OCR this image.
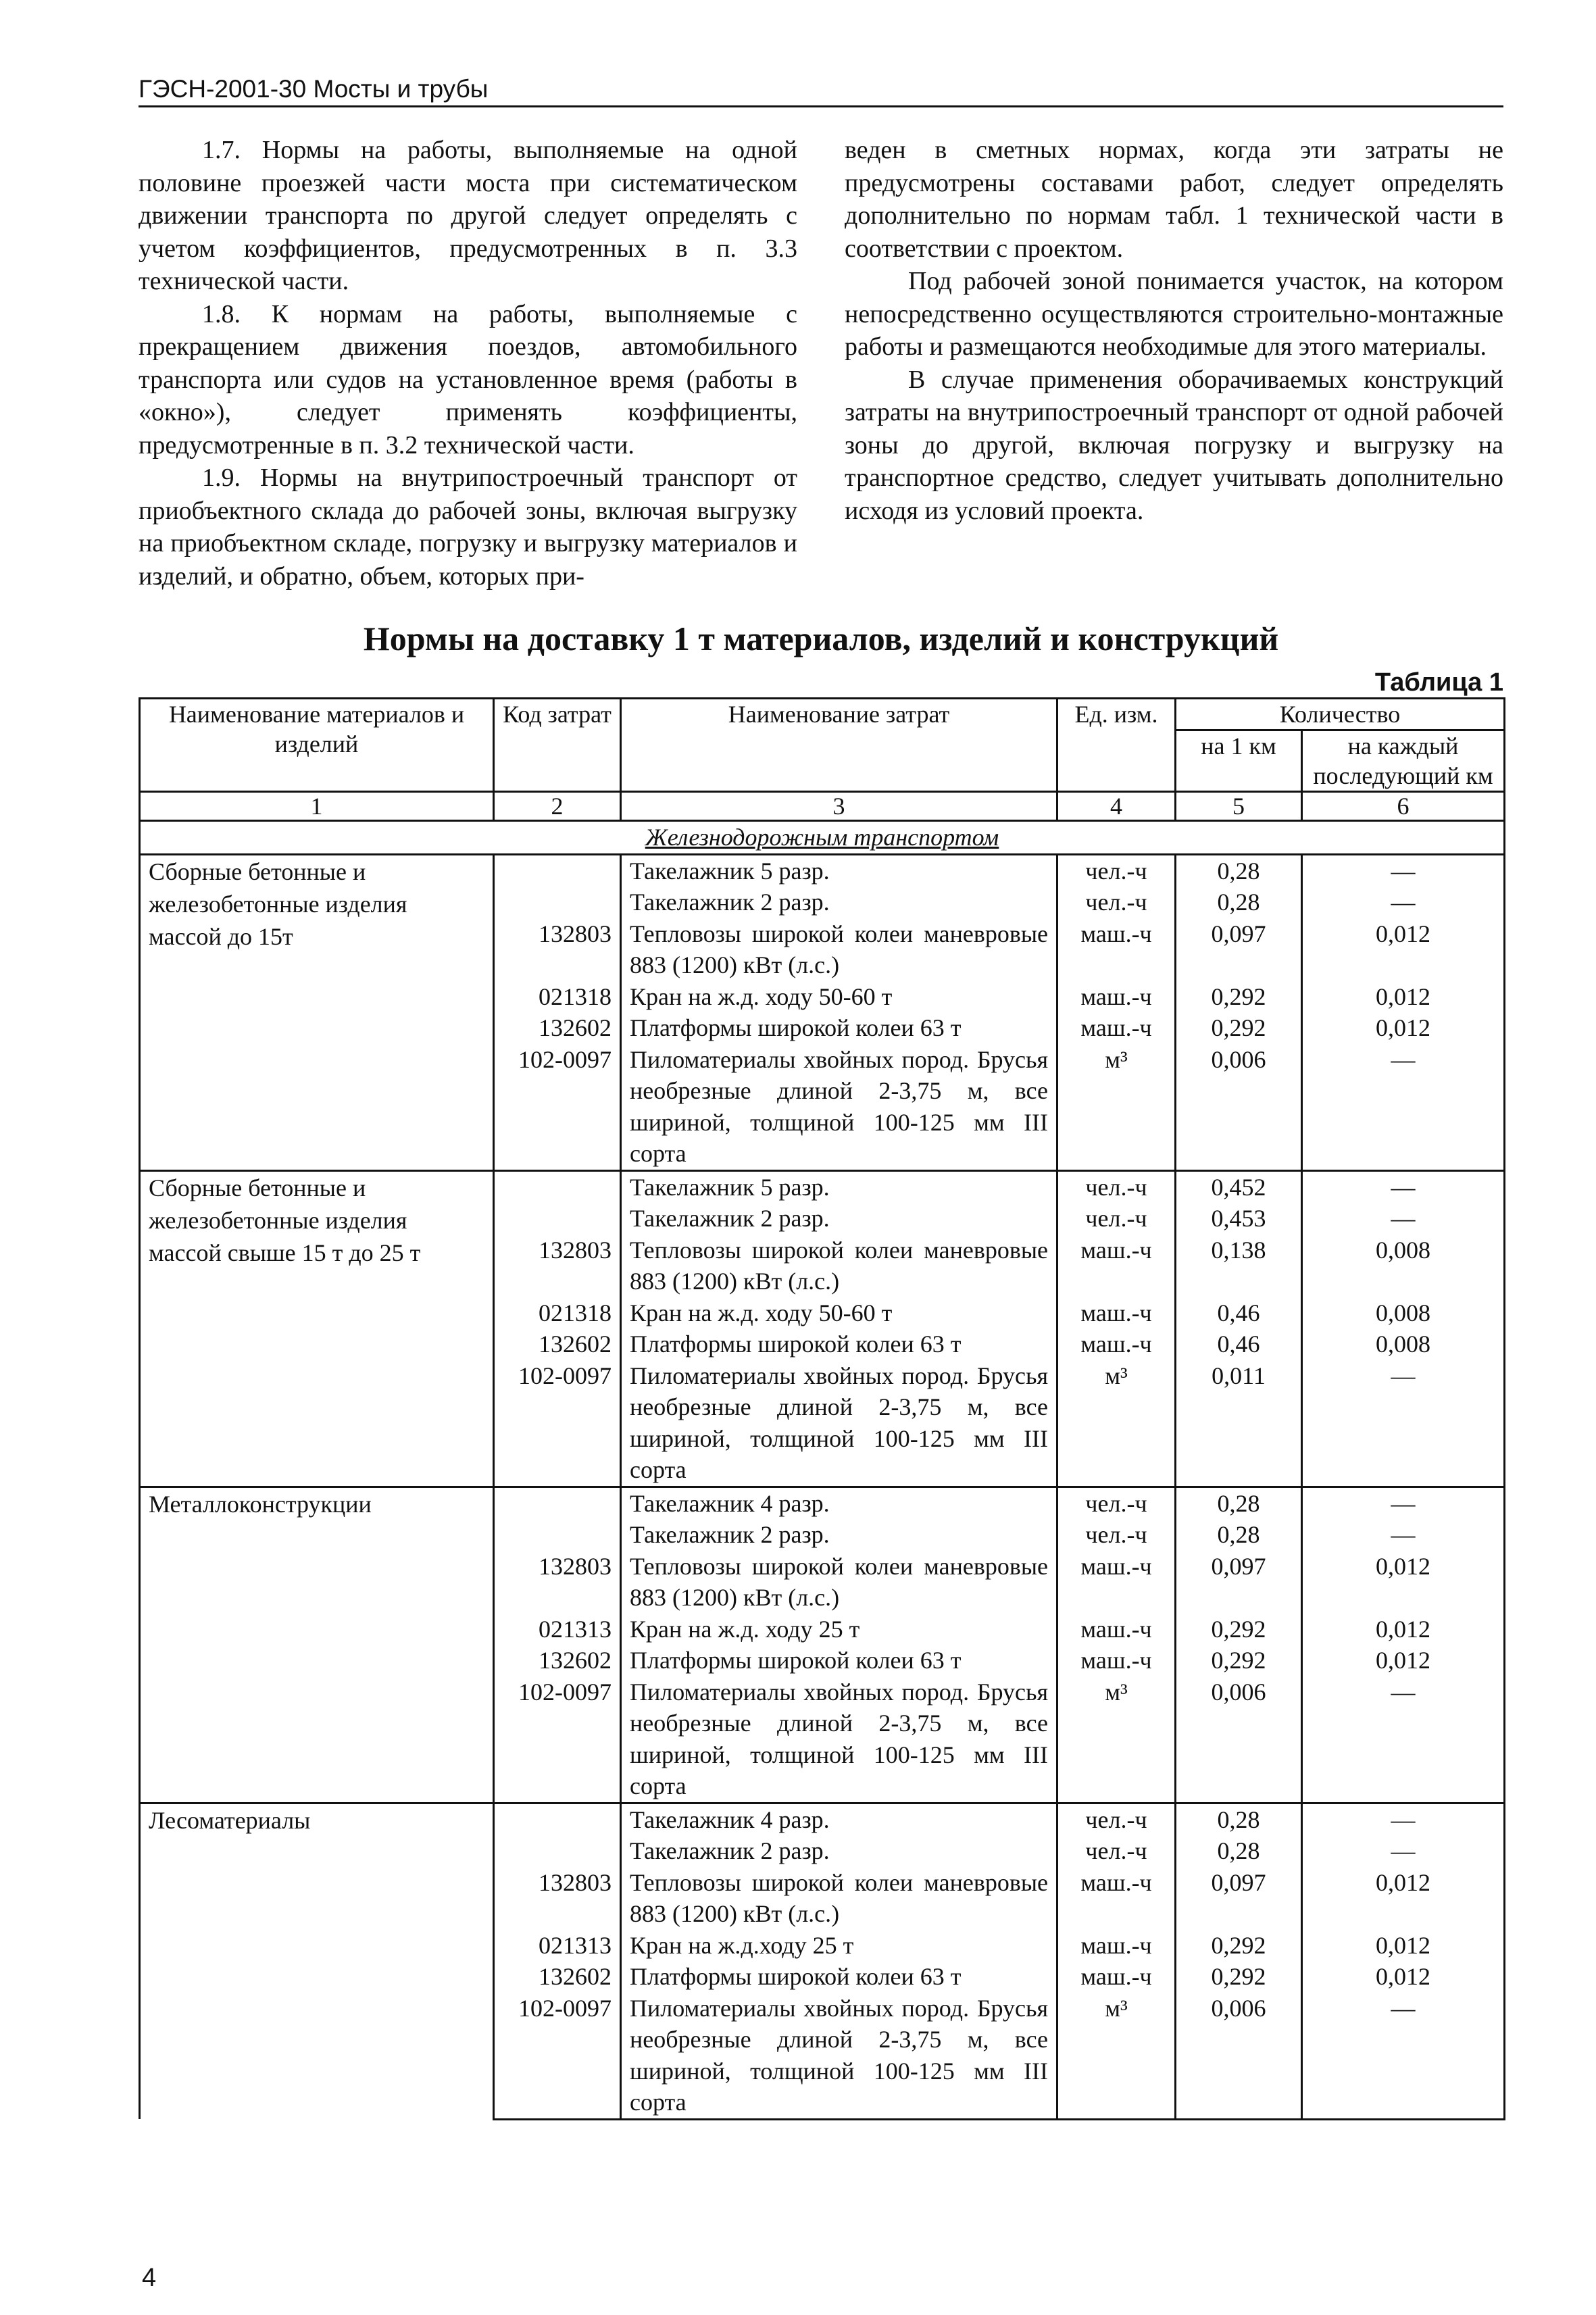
ГЭСН-2001-30 Мосты и трубы

1.7. Нормы на работы, выполняемые на одной половине проезжей части моста при систематическом движении транспорта по другой следует определять с учетом коэффициентов, предусмотренных в п. 3.3 технической части.

1.8. К нормам на работы, выполняемые с прекращением движения поездов, автомобильного транспорта или судов на установленное время (работы в «окно»), следует применять коэффициенты, предусмотренные в п. 3.2 технической части.

1.9. Нормы на внутрипостроечный транспорт от приобъектного склада до рабочей зоны, включая выгрузку на приобъектном складе, погрузку и выгрузку материалов и изделий, и обратно, объем, которых при-

веден в сметных нормах, когда эти затраты не предусмотрены составами работ, следует определять дополнительно по нормам табл. 1 технической части в соответствии с проектом.

Под рабочей зоной понимается участок, на котором непосредственно осуществляются строительно-монтажные работы и размещаются необходимые для этого материалы.

В случае применения оборачиваемых конструкций затраты на внутрипостроечный транспорт от одной рабочей зоны до другой, включая погрузку и выгрузку на транспортное средство, следует учитывать дополнительно исходя из условий проекта.

Нормы на доставку 1 т материалов, изделий и конструкций
Таблица 1
Наименование материалов и изделий	Код затрат	Наименование затрат	Ед. изм.	Количество	
				на 1 км	на каждый последующий км
1	2	3	4	5	6
Железнодорожным транспортом					
Сборные бетонные и железобетонные изделия массой до 15т		Такелажник 5 разр.	чел.-ч	0,28	—
		Такелажник 2 разр.	чел.-ч	0,28	—
	132803	Тепловозы широкой колеи маневровые 883 (1200) кВт (л.с.)	маш.-ч	0,097	0,012
	021318	Кран на ж.д. ходу 50-60 т	маш.-ч	0,292	0,012
	132602	Платформы широкой колеи 63 т	маш.-ч	0,292	0,012
	102-0097	Пиломатериалы хвойных пород. Брусья необрезные длиной 2-3,75 м, все шириной, толщиной 100-125 мм III сорта	м³	0,006	—
Сборные бетонные и железобетонные изделия массой свыше 15 т до 25 т		Такелажник 5 разр.	чел.-ч	0,452	—
		Такелажник 2 разр.	чел.-ч	0,453	—
	132803	Тепловозы широкой колеи маневровые 883 (1200) кВт (л.с.)	маш.-ч	0,138	0,008
	021318	Кран на ж.д. ходу 50-60 т	маш.-ч	0,46	0,008
	132602	Платформы широкой колеи 63 т	маш.-ч	0,46	0,008
	102-0097	Пиломатериалы хвойных пород. Брусья необрезные длиной 2-3,75 м, все шириной, толщиной 100-125 мм III сорта	м³	0,011	—
Металлоконструкции		Такелажник 4 разр.	чел.-ч	0,28	—
		Такелажник 2 разр.	чел.-ч	0,28	—
	132803	Тепловозы широкой колеи маневровые 883 (1200) кВт (л.с.)	маш.-ч	0,097	0,012
	021313	Кран на ж.д. ходу 25 т	маш.-ч	0,292	0,012
	132602	Платформы широкой колеи 63 т	маш.-ч	0,292	0,012
	102-0097	Пиломатериалы хвойных пород. Брусья необрезные длиной 2-3,75 м, все шириной, толщиной 100-125 мм III сорта	м³	0,006	—
Лесоматериалы		Такелажник 4 разр.	чел.-ч	0,28	—
		Такелажник 2 разр.	чел.-ч	0,28	—
	132803	Тепловозы широкой колеи маневровые 883 (1200) кВт (л.с.)	маш.-ч	0,097	0,012
	021313	Кран на ж.д.ходу 25 т	маш.-ч	0,292	0,012
	132602	Платформы широкой колеи 63 т	маш.-ч	0,292	0,012
	102-0097	Пиломатериалы хвойных пород. Брусья необрезные длиной 2-3,75 м, все шириной, толщиной 100-125 мм III сорта	м³	0,006	—
4
